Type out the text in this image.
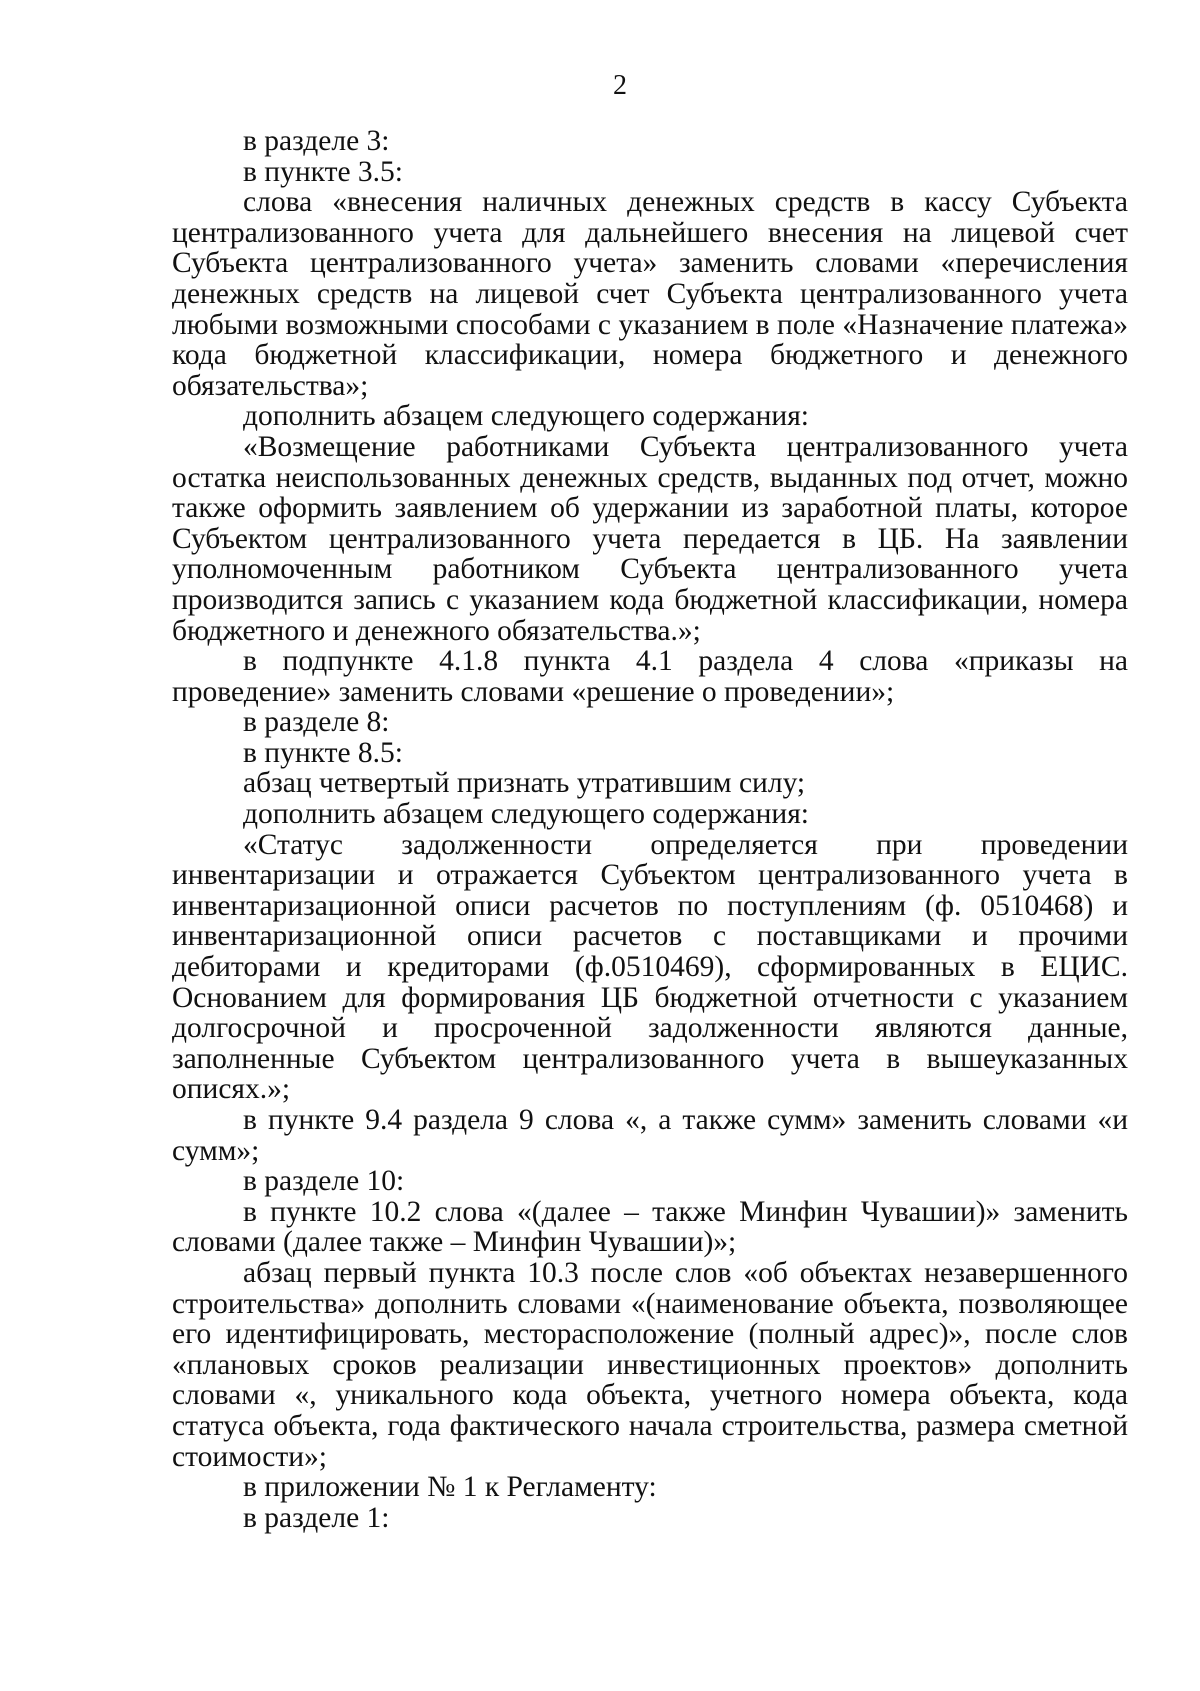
2

в разделе 3:

в пункте 3.5:

слова «внесения наличных денежных средств в кассу Субъекта централизованного учета для дальнейшего внесения на лицевой счет Субъекта централизованного учета» заменить словами «перечисления денежных средств на лицевой счет Субъекта централизованного учета любыми возможными способами с указанием в поле «Назначение платежа» кода бюджетной классификации, номера бюджетного и денежного обязательства»;

дополнить абзацем следующего содержания:

«Возмещение работниками Субъекта централизованного учета остатка неиспользованных денежных средств, выданных под отчет, можно также оформить заявлением об удержании из заработной платы, которое Субъектом централизованного учета передается в ЦБ. На заявлении уполномоченным работником Субъекта централизованного учета производится запись с указанием кода бюджетной классификации, номера бюджетного и денежного обязательства.»;

в подпункте 4.1.8 пункта 4.1 раздела 4 слова «приказы на проведение» заменить словами «решение о проведении»;

в разделе 8:

в пункте 8.5:

абзац четвертый признать утратившим силу;

дополнить абзацем следующего содержания:

«Статус задолженности определяется при проведении инвентаризации и отражается Субъектом централизованного учета в инвентаризационной описи расчетов по поступлениям (ф. 0510468) и инвентаризационной описи расчетов с поставщиками и прочими дебиторами и кредиторами (ф.0510469), сформированных в ЕЦИС. Основанием для формирования ЦБ бюджетной отчетности с указанием долгосрочной и просроченной задолженности являются данные, заполненные Субъектом централизованного учета в вышеуказанных описях.»;

в пункте 9.4 раздела 9 слова «, а также сумм» заменить словами «и сумм»;

в разделе 10:

в пункте 10.2 слова «(далее – также Минфин Чувашии)» заменить словами (далее также – Минфин Чувашии)»;

абзац первый пункта 10.3 после слов «об объектах незавершенного строительства» дополнить словами «(наименование объекта, позволяющее его идентифицировать, месторасположение (полный адрес)», после слов «плановых сроков реализации инвестиционных проектов» дополнить словами «, уникального кода объекта, учетного номера объекта, кода статуса объекта, года фактического начала строительства, размера сметной стоимости»;

в приложении № 1 к Регламенту:

в разделе 1:
